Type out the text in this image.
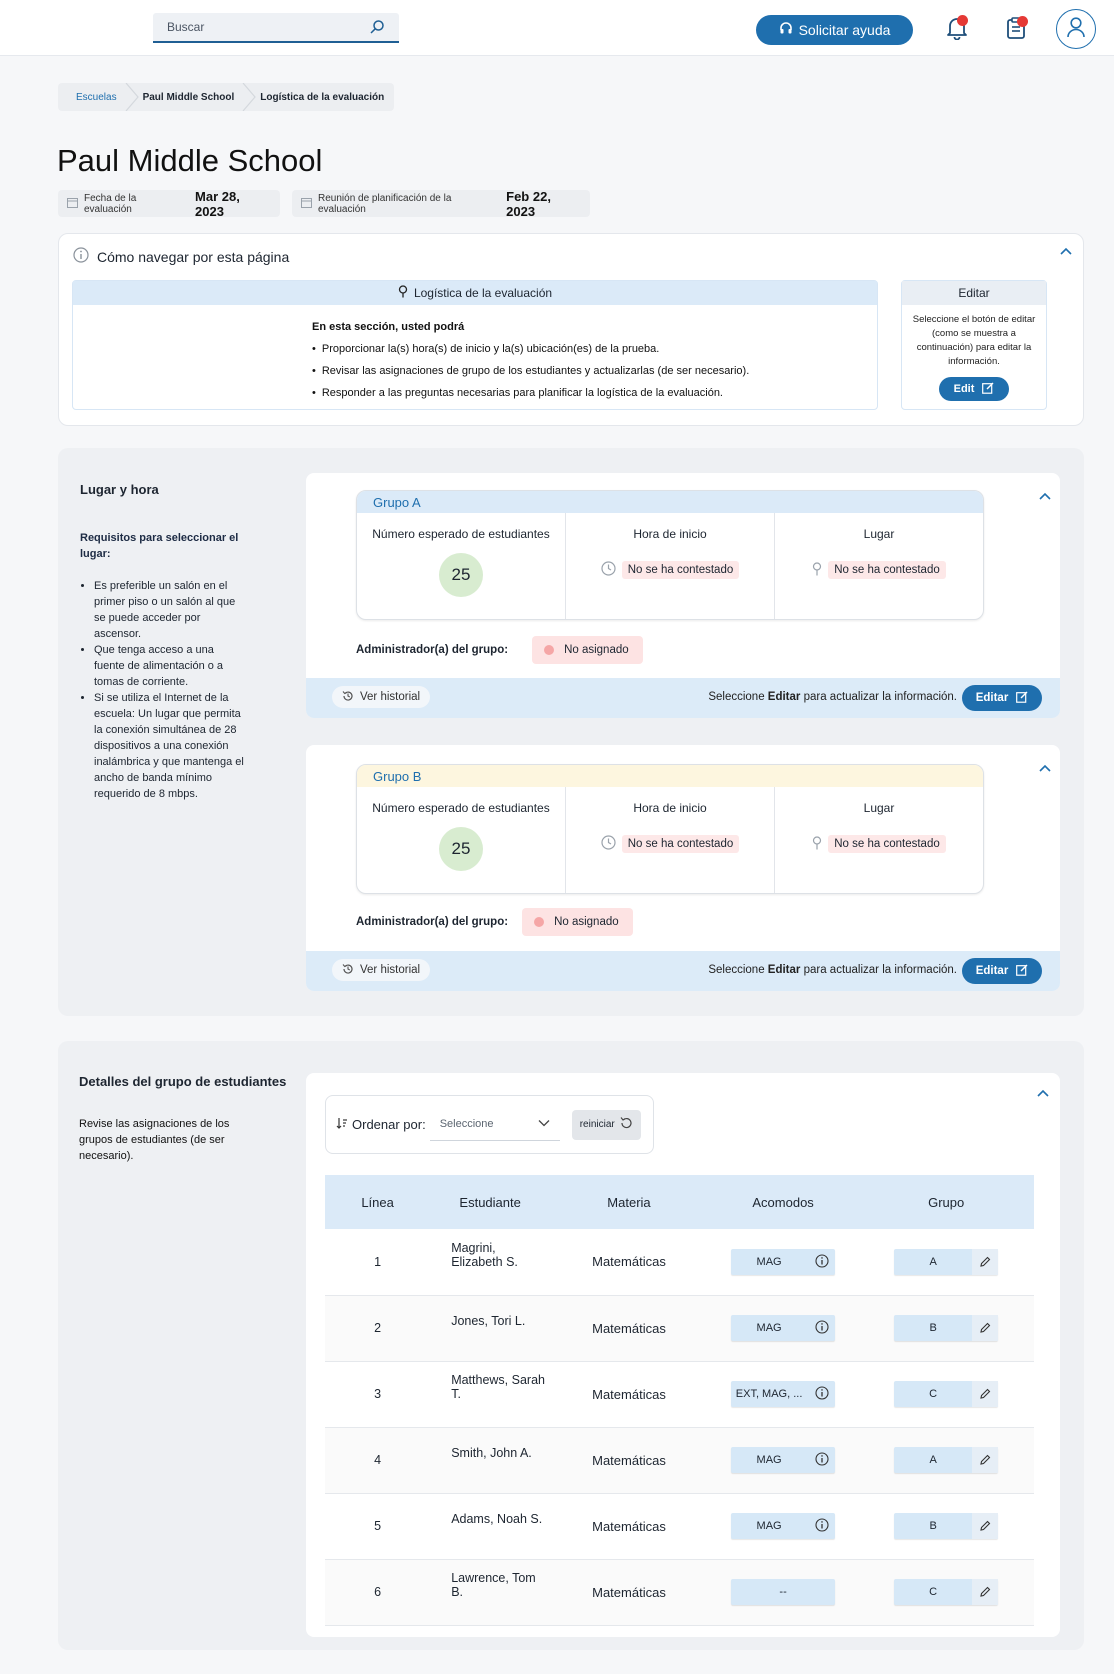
Buscar
Solicitar ayuda
Escuelas	Paul Middle School	Logística de la evaluación
Paul Middle School
Fecha de la evaluación
Mar 28, 2023
Reunión de planificación de la evaluación
Feb 22, 2023
Cómo navegar por esta página
Logística de la evaluación
En esta sección, usted podrá
• Proporcionar la(s) hora(s) de inicio y la(s) ubicación(es) de la prueba.
• Revisar las asignaciones de grupo de los estudiantes y actualizarlas (de ser necesario).
• Responder a las preguntas necesarias para planificar la logística de la evaluación.
Editar
Seleccione el botón de editar (como se muestra a continuación) para editar la información.
Edit
Lugar y hora
Requisitos para seleccionar el lugar:
• Es preferible un salón en el primer piso o un salón al que se puede acceder por ascensor.
• Que tenga acceso a una fuente de alimentación o a tomas de corriente.
• Si se utiliza el Internet de la escuela: Un lugar que permita la conexión simultánea de 28 dispositivos a una conexión inalámbrica y que mantenga el ancho de banda mínimo requerido de 8 mbps.
Grupo A
Número esperado de estudiantes
25
Hora de inicio
No se ha contestado
Lugar
No se ha contestado
Administrador(a) del grupo:	No asignado
Ver historial	Seleccione Editar para actualizar la información. Editar
Grupo B
Número esperado de estudiantes
25
Hora de inicio
No se ha contestado
Lugar
No se ha contestado
Administrador(a) del grupo:	No asignado
Ver historial	Seleccione Editar para actualizar la información. Editar
Detalles del grupo de estudiantes
Revise las asignaciones de los grupos de estudiantes (de ser necesario).
Ordenar por: Seleccione	reiniciar
Línea	Estudiante	Materia	Acomodos	Grupo
1	Magrini, Elizabeth S.	Matemáticas	MAG	A

2	Jones, Tori L.	Matemáticas	MAG	B

3	Matthews, Sarah T.	Matemáticas	EXT, MAG, ...	C

4	Smith, John A.	Matemáticas	MAG	A

5	Adams, Noah S.	Matemáticas	MAG	B

6	Lawrence, Tom B.	Matemáticas	--	C
